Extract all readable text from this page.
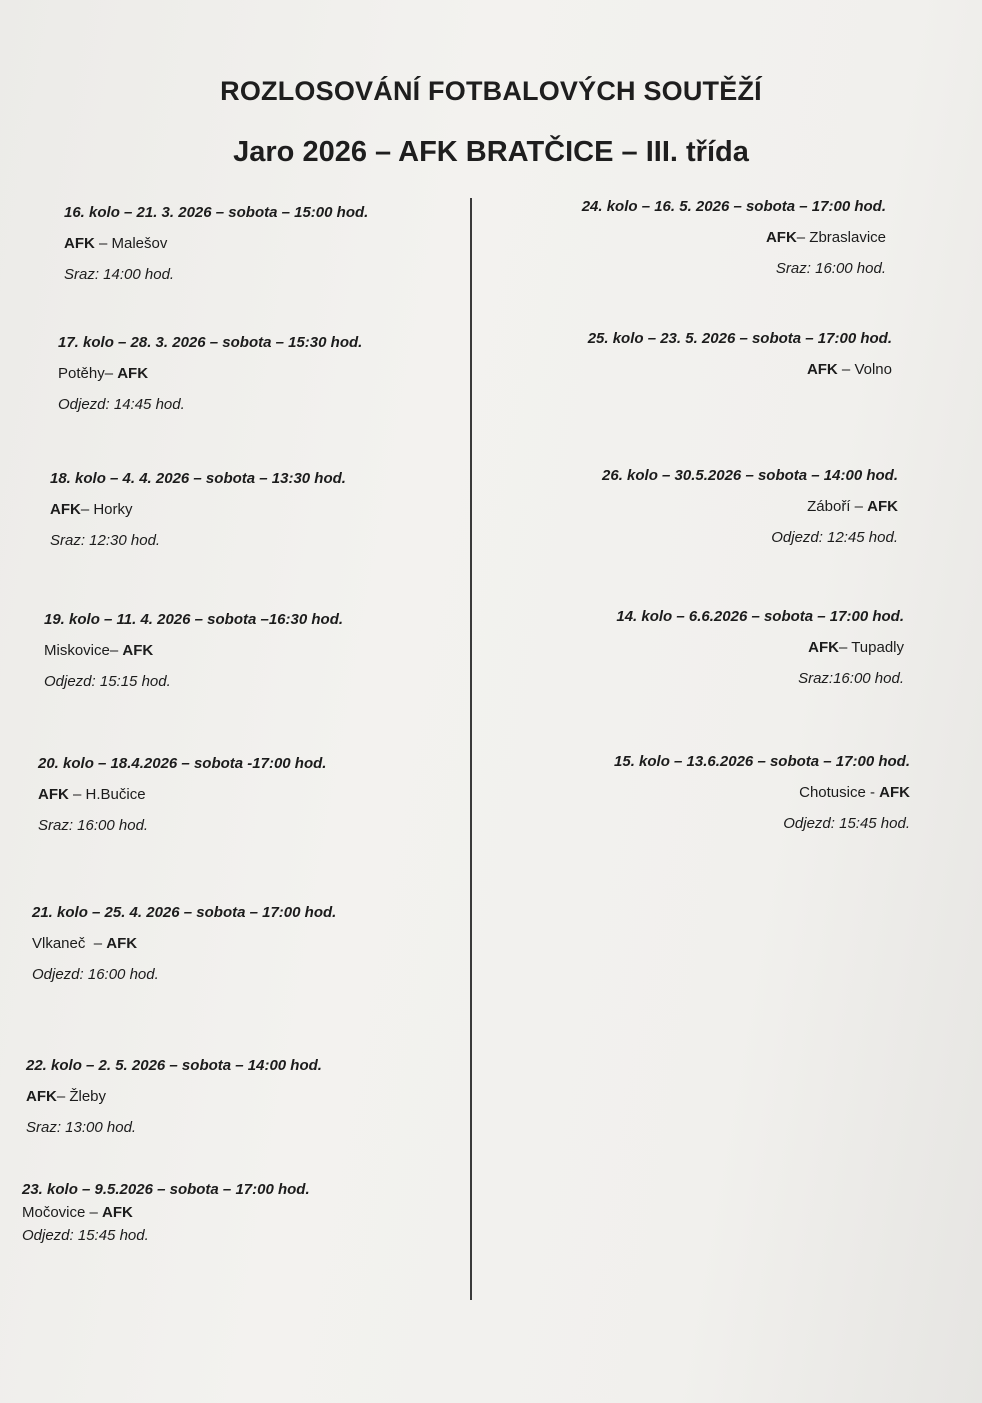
ROZLOSOVÁNÍ FOTBALOVÝCH SOUTĚŽÍ
Jaro 2026 – AFK BRATČICE – III. třída
16. kolo – 21. 3. 2026 – sobota – 15:00 hod.
AFK – Malešov
Sraz: 14:00 hod.
17. kolo – 28. 3. 2026 – sobota – 15:30 hod.
Potěhy– AFK
Odjezd: 14:45 hod.
18. kolo – 4. 4. 2026 – sobota – 13:30 hod.
AFK– Horky
Sraz: 12:30 hod.
19. kolo – 11. 4. 2026 – sobota –16:30 hod.
Miskovice– AFK
Odjezd: 15:15 hod.
20. kolo – 18.4.2026 – sobota -17:00 hod.
AFK – H.Bučice
Sraz: 16:00 hod.
21. kolo – 25. 4. 2026 – sobota – 17:00 hod.
Vlkaneč  – AFK
Odjezd: 16:00 hod.
22. kolo – 2. 5. 2026 – sobota – 14:00 hod.
AFK– Žleby
Sraz: 13:00 hod.
23. kolo – 9.5.2026 – sobota – 17:00 hod.
Močovice – AFK
Odjezd: 15:45 hod.
24. kolo – 16. 5. 2026 – sobota – 17:00 hod.
AFK– Zbraslavice
Sraz: 16:00 hod.
25. kolo – 23. 5. 2026 – sobota – 17:00 hod.
AFK – Volno
26. kolo – 30.5.2026 – sobota – 14:00 hod.
Záboří – AFK
Odjezd: 12:45 hod.
14. kolo – 6.6.2026 – sobota – 17:00 hod.
AFK– Tupadly
Sraz:16:00 hod.
15. kolo – 13.6.2026 – sobota – 17:00 hod.
Chotusice - AFK
Odjezd: 15:45 hod.
